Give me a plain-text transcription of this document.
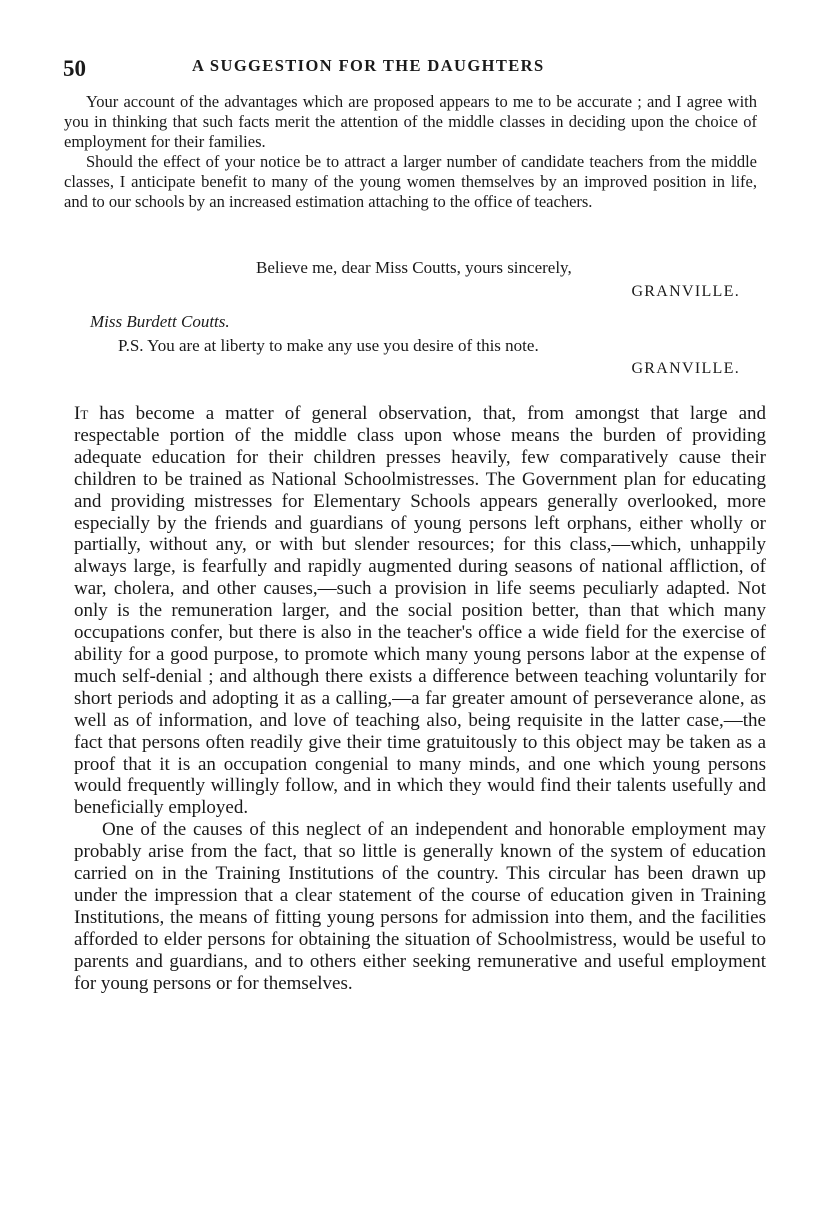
50	A SUGGESTION FOR THE DAUGHTERS

Your account of the advantages which are proposed appears to me to be accurate ; and I agree with you in thinking that such facts merit the attention of the middle classes in deciding upon the choice of employment for their families.

Should the effect of your notice be to attract a larger number of candidate teachers from the middle classes, I anticipate benefit to many of the young women themselves by an improved position in life, and to our schools by an increased estimation attaching to the office of teachers.

Believe me, dear Miss Coutts, yours sincerely,
GRANVILLE.
Miss Burdett Coutts.
P.S. You are at liberty to make any use you desire of this note.
GRANVILLE.

It has become a matter of general observation, that, from amongst that large and respectable portion of the middle class upon whose means the burden of providing adequate education for their children presses heavily, few comparatively cause their children to be trained as National Schoolmistresses. The Government plan for educating and providing mistresses for Elementary Schools appears generally overlooked, more especially by the friends and guardians of young persons left orphans, either wholly or partially, without any, or with but slender resources; for this class,—which, unhappily always large, is fearfully and rapidly augmented during seasons of national affliction, of war, cholera, and other causes,—such a provision in life seems peculiarly adapted. Not only is the remuneration larger, and the social position better, than that which many occupations confer, but there is also in the teacher's office a wide field for the exercise of ability for a good purpose, to promote which many young persons labor at the expense of much self-denial ; and although there exists a difference between teaching voluntarily for short periods and adopting it as a calling,—a far greater amount of perseverance alone, as well as of information, and love of teaching also, being requisite in the latter case,—the fact that persons often readily give their time gratuitously to this object may be taken as a proof that it is an occupation congenial to many minds, and one which young persons would frequently willingly follow, and in which they would find their talents usefully and beneficially employed.

One of the causes of this neglect of an independent and honorable employment may probably arise from the fact, that so little is generally known of the system of education carried on in the Training Institutions of the country. This circular has been drawn up under the impression that a clear statement of the course of education given in Training Institutions, the means of fitting young persons for admission into them, and the facilities afforded to elder persons for obtaining the situation of Schoolmistress, would be useful to parents and guardians, and to others either seeking remunerative and useful employment for young persons or for themselves.
